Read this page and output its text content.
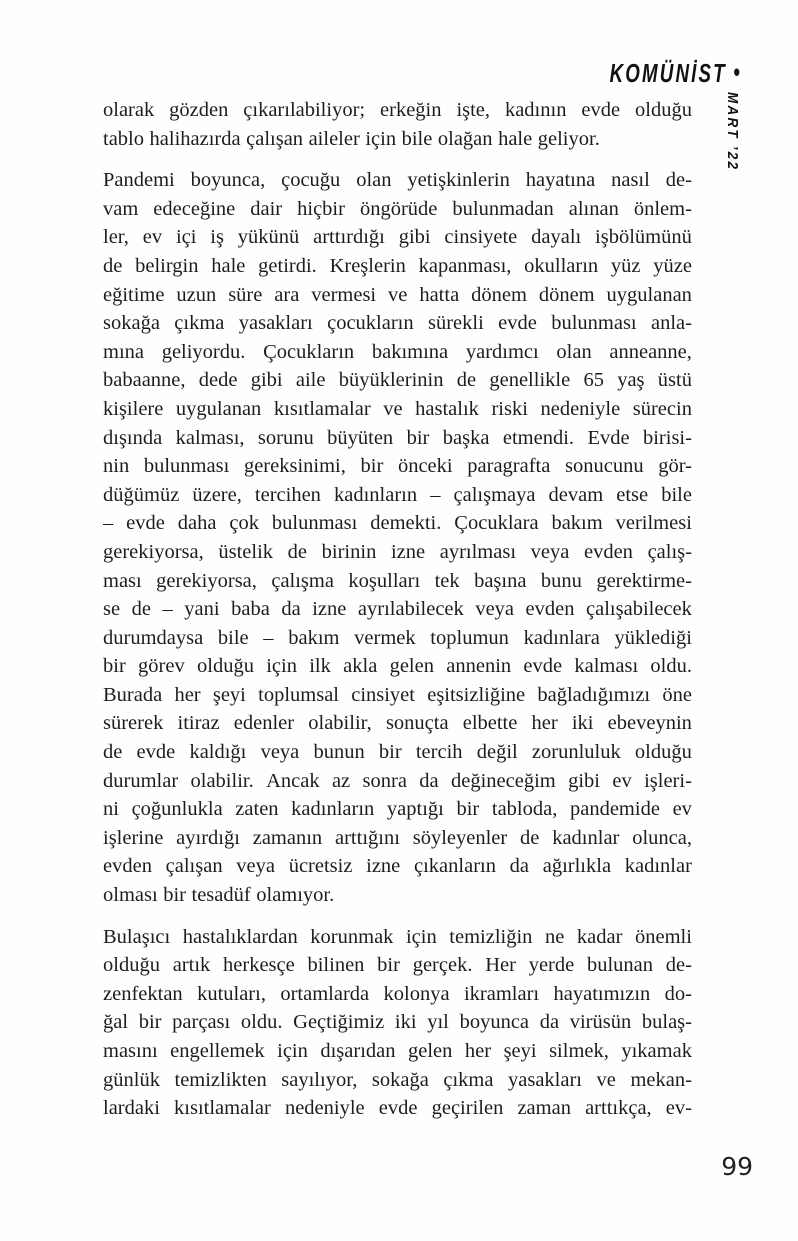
KOMÜNİST •
MART ’22
olarak gözden çıkarılabiliyor; erkeğin işte, kadının evde olduğu
tablo halihazırda çalışan aileler için bile olağan hale geliyor.
Pandemi boyunca, çocuğu olan yetişkinlerin hayatına nasıl de-
vam edeceğine dair hiçbir öngörüde bulunmadan alınan önlem-
ler, ev içi iş yükünü arttırdığı gibi cinsiyete dayalı işbölümünü
de belirgin hale getirdi. Kreşlerin kapanması, okulların yüz yüze
eğitime uzun süre ara vermesi ve hatta dönem dönem uygulanan
sokağa çıkma yasakları çocukların sürekli evde bulunması anla-
mına geliyordu. Çocukların bakımına yardımcı olan anneanne,
babaanne, dede gibi aile büyüklerinin de genellikle 65 yaş üstü
kişilere uygulanan kısıtlamalar ve hastalık riski nedeniyle sürecin
dışında kalması, sorunu büyüten bir başka etmendi. Evde birisi-
nin bulunması gereksinimi, bir önceki paragrafta sonucunu gör-
düğümüz üzere, tercihen kadınların – çalışmaya devam etse bile
– evde daha çok bulunması demekti. Çocuklara bakım verilmesi
gerekiyorsa, üstelik de birinin izne ayrılması veya evden çalış-
ması gerekiyorsa, çalışma koşulları tek başına bunu gerektirme-
se de – yani baba da izne ayrılabilecek veya evden çalışabilecek
durumdaysa bile – bakım vermek toplumun kadınlara yüklediği
bir görev olduğu için ilk akla gelen annenin evde kalması oldu.
Burada her şeyi toplumsal cinsiyet eşitsizliğine bağladığımızı öne
sürerek itiraz edenler olabilir, sonuçta elbette her iki ebeveynin
de evde kaldığı veya bunun bir tercih değil zorunluluk olduğu
durumlar olabilir. Ancak az sonra da değineceğim gibi ev işleri-
ni çoğunlukla zaten kadınların yaptığı bir tabloda, pandemide ev
işlerine ayırdığı zamanın arttığını söyleyenler de kadınlar olunca,
evden çalışan veya ücretsiz izne çıkanların da ağırlıkla kadınlar
olması bir tesadüf olamıyor.
Bulaşıcı hastalıklardan korunmak için temizliğin ne kadar önemli
olduğu artık herkesçe bilinen bir gerçek. Her yerde bulunan de-
zenfektan kutuları, ortamlarda kolonya ikramları hayatımızın do-
ğal bir parçası oldu. Geçtiğimiz iki yıl boyunca da virüsün bulaş-
masını engellemek için dışarıdan gelen her şeyi silmek, yıkamak
günlük temizlikten sayılıyor, sokağa çıkma yasakları ve mekan-
lardaki kısıtlamalar nedeniyle evde geçirilen zaman arttıkça, ev-
99
